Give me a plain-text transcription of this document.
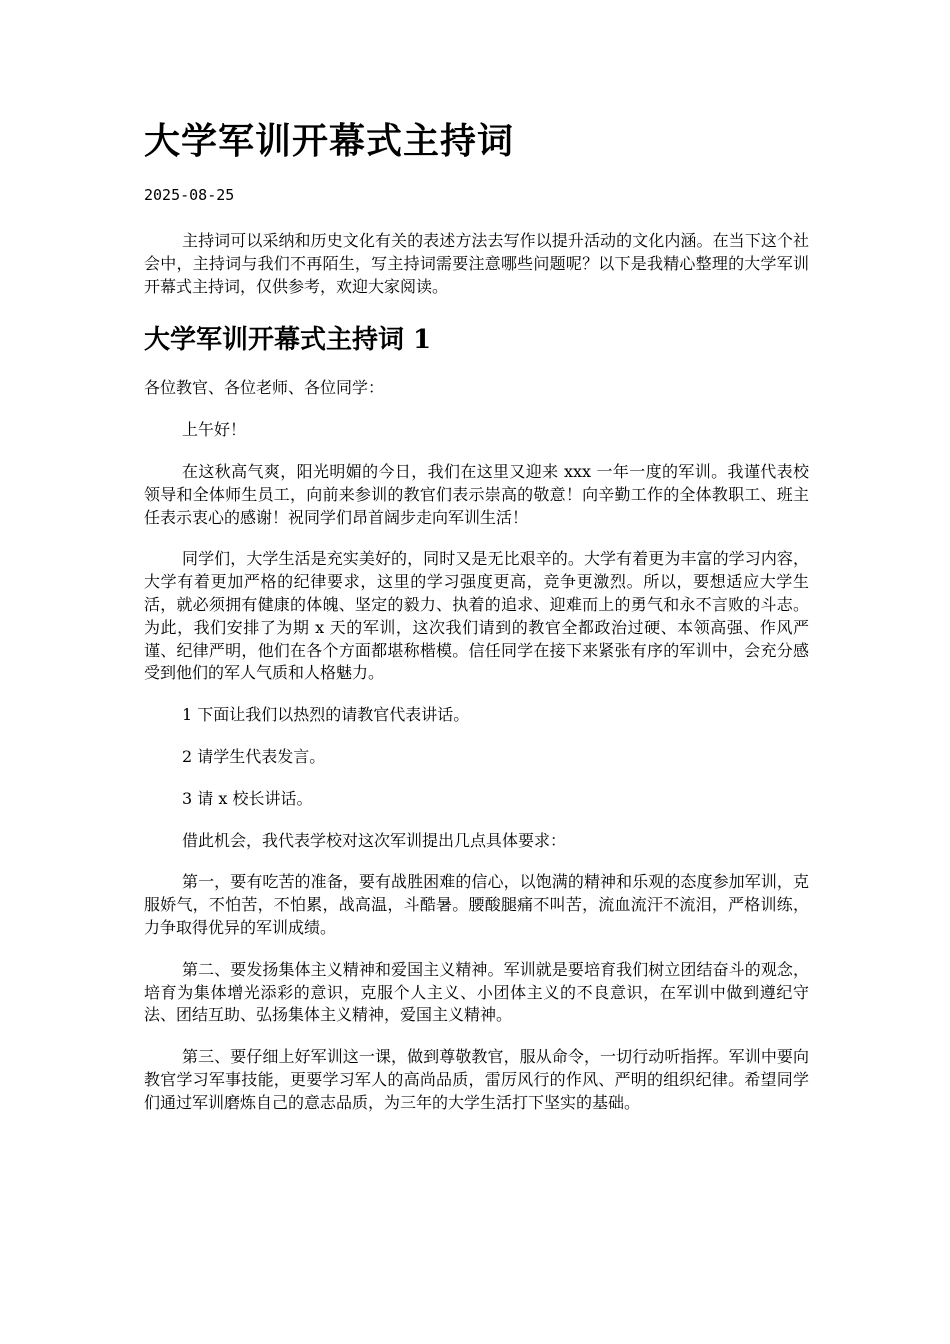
大学军训开幕式主持词
2025-08-25

主持词可以采纳和历史文化有关的表述方法去写作以提升活动的文化内涵。在当下这个社会中，主持词与我们不再陌生，写主持词需要注意哪些问题呢？以下是我精心整理的大学军训开幕式主持词，仅供参考，欢迎大家阅读。

大学军训开幕式主持词 1

各位教官、各位老师、各位同学：

上午好！

在这秋高气爽，阳光明媚的今日，我们在这里又迎来 xxx 一年一度的军训。我谨代表校领导和全体师生员工，向前来参训的教官们表示崇高的敬意！向辛勤工作的全体教职工、班主任表示衷心的感谢！祝同学们昂首阔步走向军训生活！

同学们，大学生活是充实美好的，同时又是无比艰辛的。大学有着更为丰富的学习内容，大学有着更加严格的纪律要求，这里的学习强度更高，竞争更激烈。所以，要想适应大学生活，就必须拥有健康的体魄、坚定的毅力、执着的追求、迎难而上的勇气和永不言败的斗志。为此，我们安排了为期 x 天的军训，这次我们请到的教官全都政治过硬、本领高强、作风严谨、纪律严明，他们在各个方面都堪称楷模。信任同学在接下来紧张有序的军训中，会充分感受到他们的军人气质和人格魅力。

1 下面让我们以热烈的请教官代表讲话。

2 请学生代表发言。

3 请 x 校长讲话。

借此机会，我代表学校对这次军训提出几点具体要求：

第一，要有吃苦的准备，要有战胜困难的信心，以饱满的精神和乐观的态度参加军训，克服娇气，不怕苦，不怕累，战高温，斗酷暑。腰酸腿痛不叫苦，流血流汗不流泪，严格训练，力争取得优异的军训成绩。

第二、要发扬集体主义精神和爱国主义精神。军训就是要培育我们树立团结奋斗的观念，培育为集体增光添彩的意识，克服个人主义、小团体主义的不良意识，在军训中做到遵纪守法、团结互助、弘扬集体主义精神，爱国主义精神。

第三、要仔细上好军训这一课，做到尊敬教官，服从命令，一切行动听指挥。军训中要向教官学习军事技能，更要学习军人的高尚品质，雷厉风行的作风、严明的组织纪律。希望同学们通过军训磨炼自己的意志品质，为三年的大学生活打下坚实的基础。
